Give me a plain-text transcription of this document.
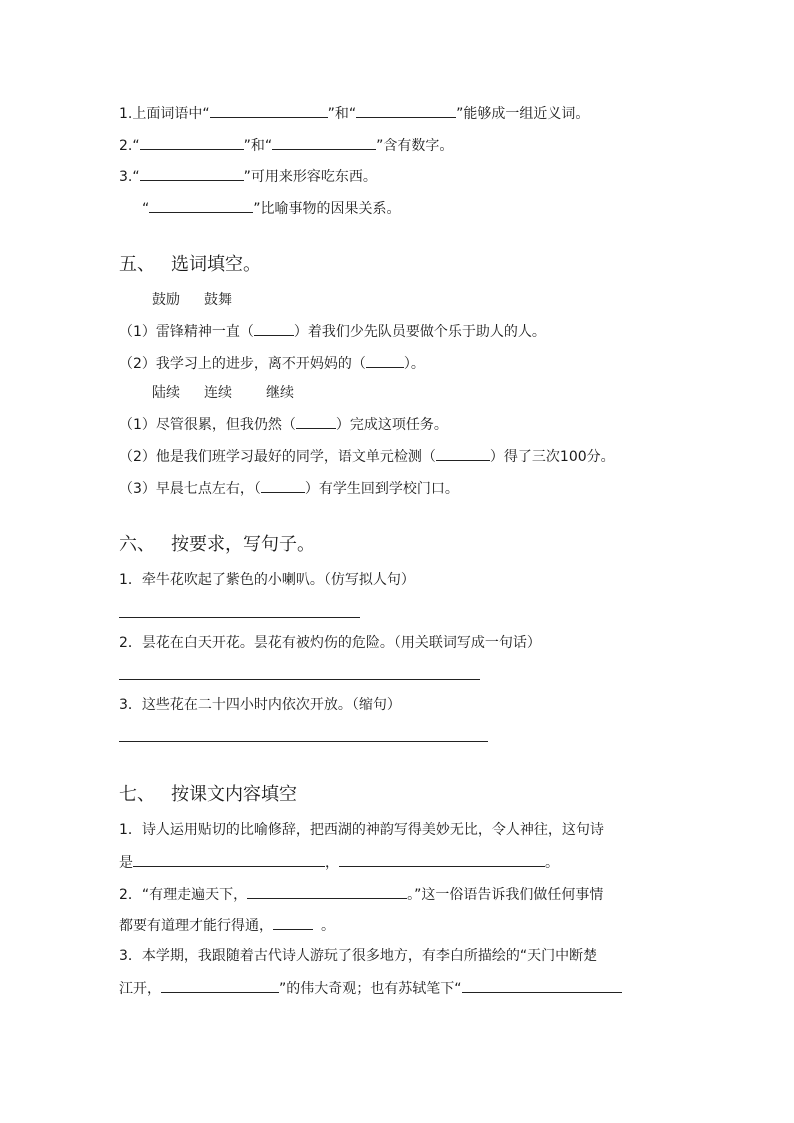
1.上面词语中“	”和“	”能够成一组近义词。
2.“	”和“	”含有数字。
3.“	”可用来形容吃东西。
“	”比喻事物的因果关系。
五、 选词填空。
鼓励 鼓舞
（1）雷锋精神一直（	）着我们少先队员要做个乐于助人的人。
（2）我学习上的进步，离不开妈妈的（	）。
陆续 连续 继续
（1）尽管很累，但我仍然（	）完成这项任务。
（2）他是我们班学习最好的同学，语文单元检测（	）得了三次100分。
（3）早晨七点左右，（	）有学生回到学校门口。
六、 按要求，写句子。
1．牵牛花吹起了紫色的小喇叭。（仿写拟人句）
2．昙花在白天开花。昙花有被灼伤的危险。（用关联词写成一句话）
3．这些花在二十四小时内依次开放。（缩句）
七、 按课文内容填空
1．诗人运用贴切的比喻修辞，把西湖的神韵写得美妙无比，令人神往，这句诗
是	，	。
2．“有理走遍天下，	。”这一俗语告诉我们做任何事情
都要有道理才能行得通，	。
3．本学期，我跟随着古代诗人游玩了很多地方，有李白所描绘的“天门中断楚
江开，	”的伟大奇观；也有苏轼笔下“
